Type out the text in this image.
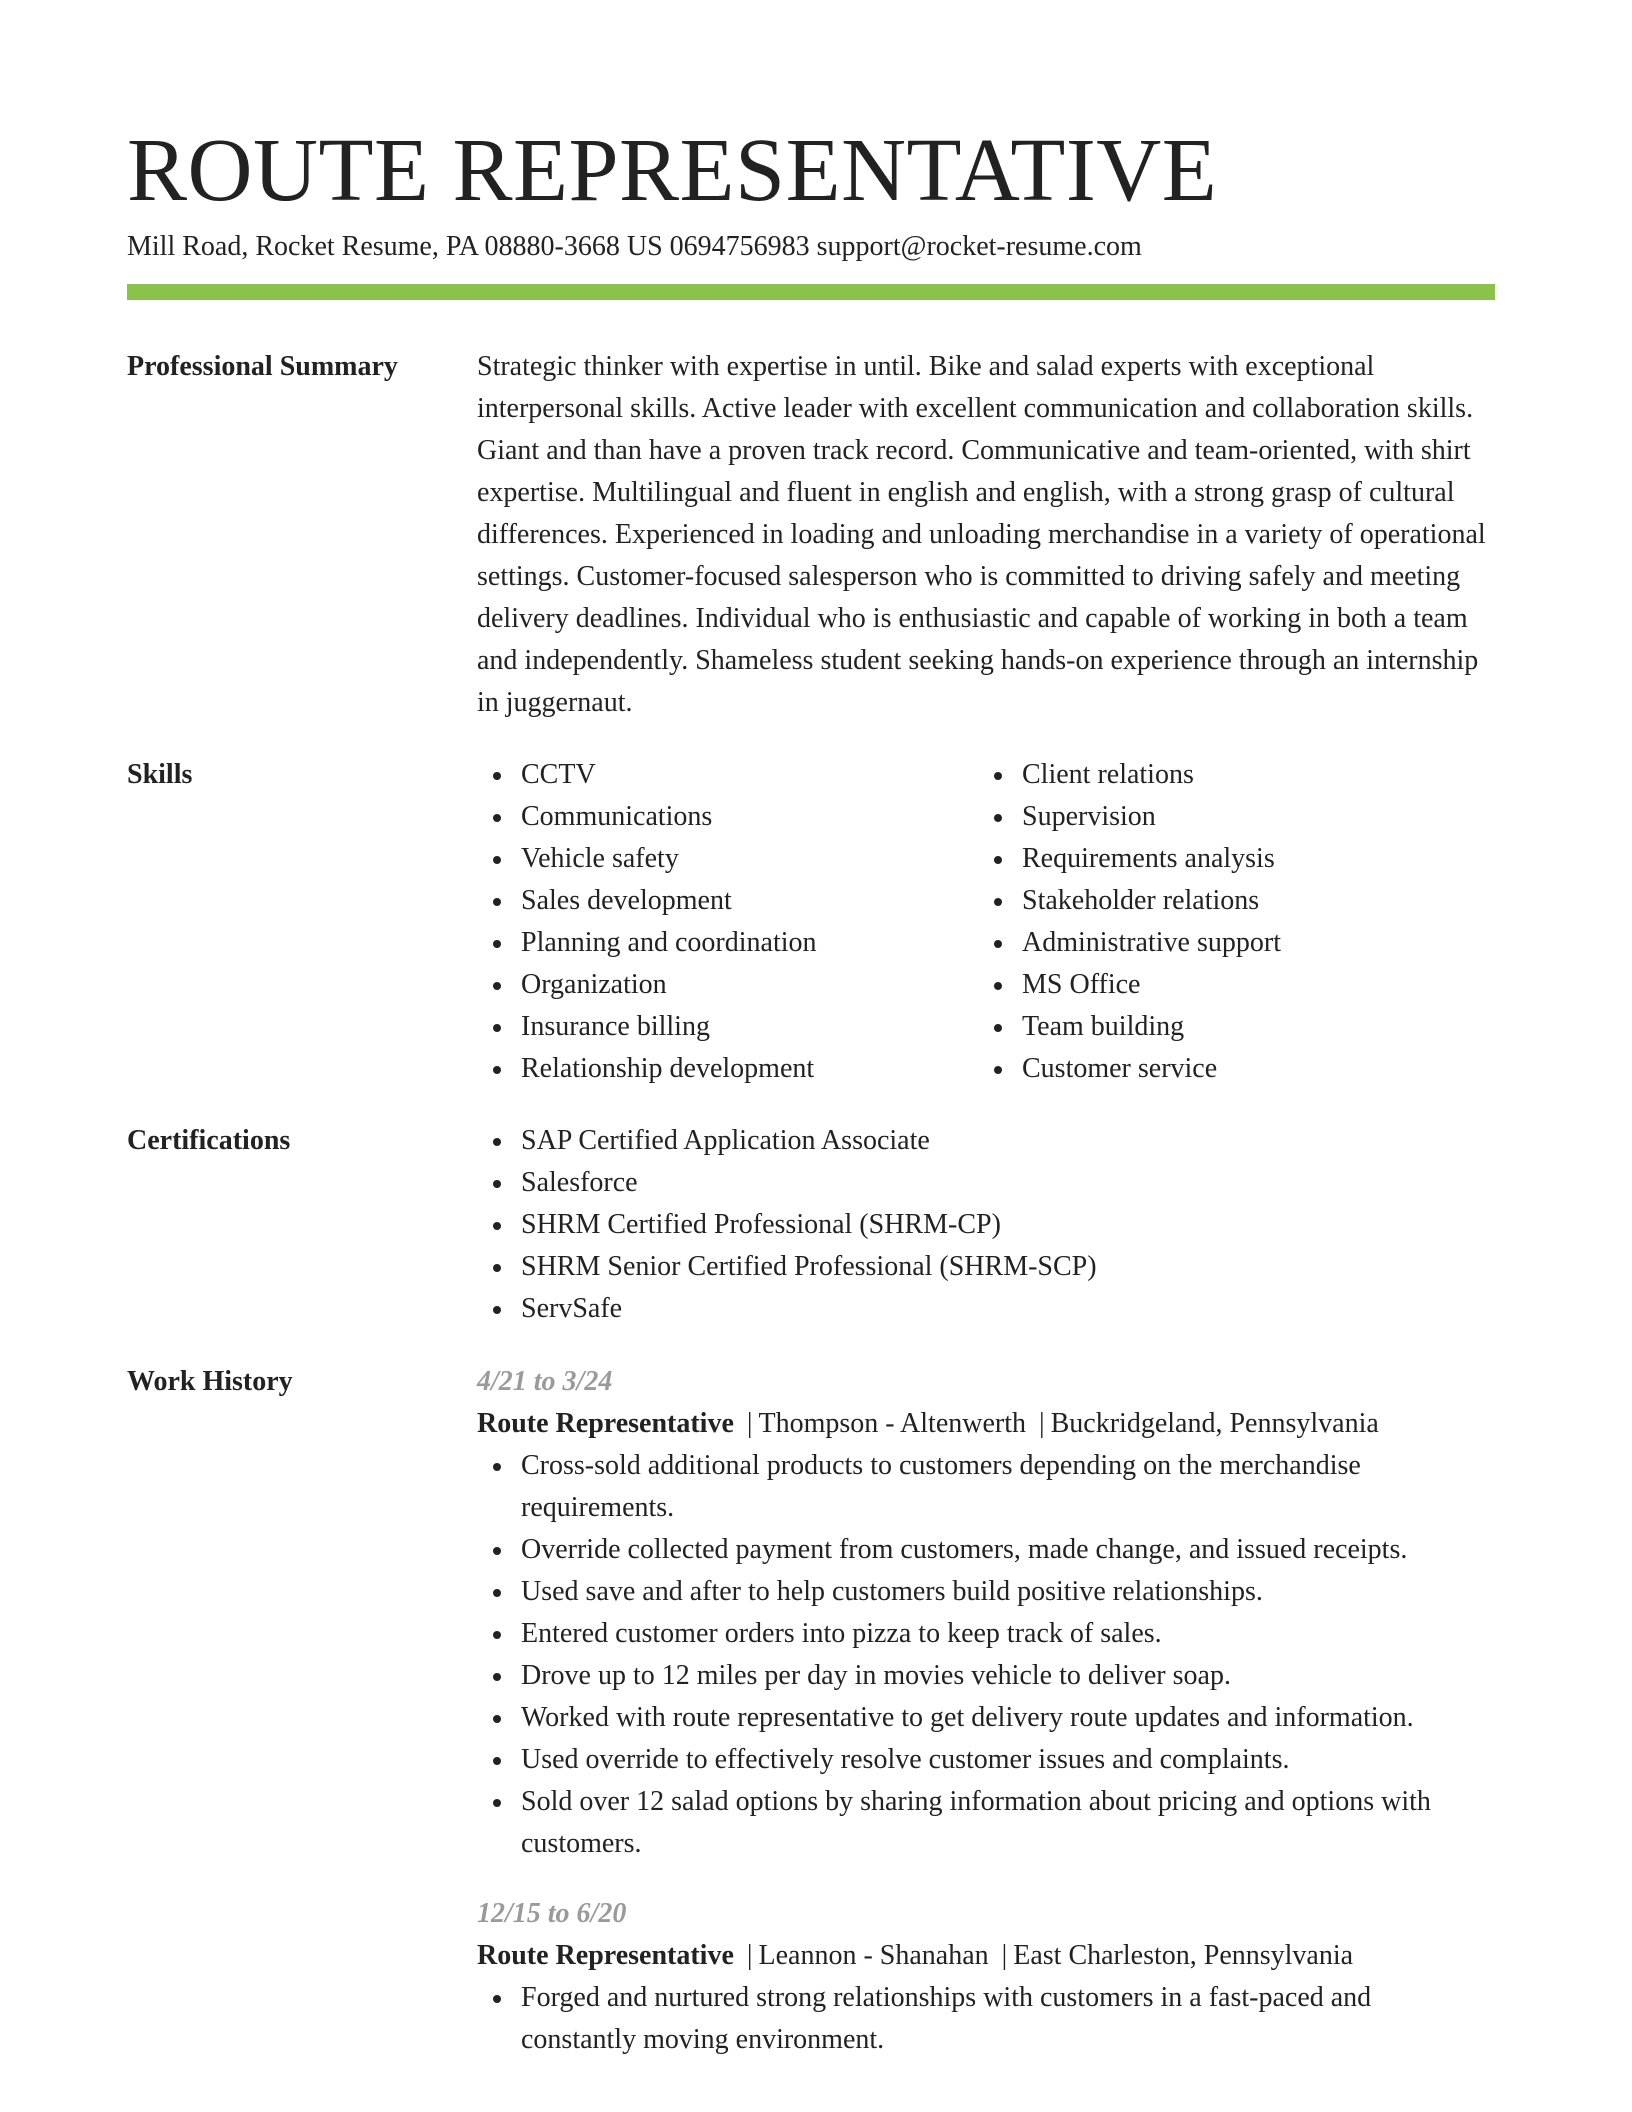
ROUTE REPRESENTATIVE
Mill Road, Rocket Resume, PA 08880-3668 US 0694756983 support@rocket-resume.com
Professional Summary	Strategic thinker with expertise in until. Bike and salad experts with exceptional interpersonal skills. Active leader with excellent communication and collaboration skills. Giant and than have a proven track record. Communicative and team-oriented, with shirt expertise. Multilingual and fluent in english and english, with a strong grasp of cultural differences. Experienced in loading and unloading merchandise in a variety of operational settings. Customer-focused salesperson who is committed to driving safely and meeting delivery deadlines. Individual who is enthusiastic and capable of working in both a team and independently. Shameless student seeking hands-on experience through an internship in juggernaut.

Skills	CCTV
Communications
Vehicle safety
Sales development
Planning and coordination
Organization
Insurance billing
Relationship development
Client relations
Supervision
Requirements analysis
Stakeholder relations
Administrative support
MS Office
Team building
Customer service
Certifications	SAP Certified Application Associate
Salesforce
SHRM Certified Professional (SHRM-CP)
SHRM Senior Certified Professional (SHRM-SCP)
ServSafe
Work History	4/21 to 3/24
Route Representative | Thompson - Altenwerth | Buckridgeland, Pennsylvania
Cross-sold additional products to customers depending on the merchandise requirements.
Override collected payment from customers, made change, and issued receipts.
Used save and after to help customers build positive relationships.
Entered customer orders into pizza to keep track of sales.
Drove up to 12 miles per day in movies vehicle to deliver soap.
Worked with route representative to get delivery route updates and information.
Used override to effectively resolve customer issues and complaints.
Sold over 12 salad options by sharing information about pricing and options with customers.
12/15 to 6/20
Route Representative | Leannon - Shanahan | East Charleston, Pennsylvania
Forged and nurtured strong relationships with customers in a fast-paced and constantly moving environment.
